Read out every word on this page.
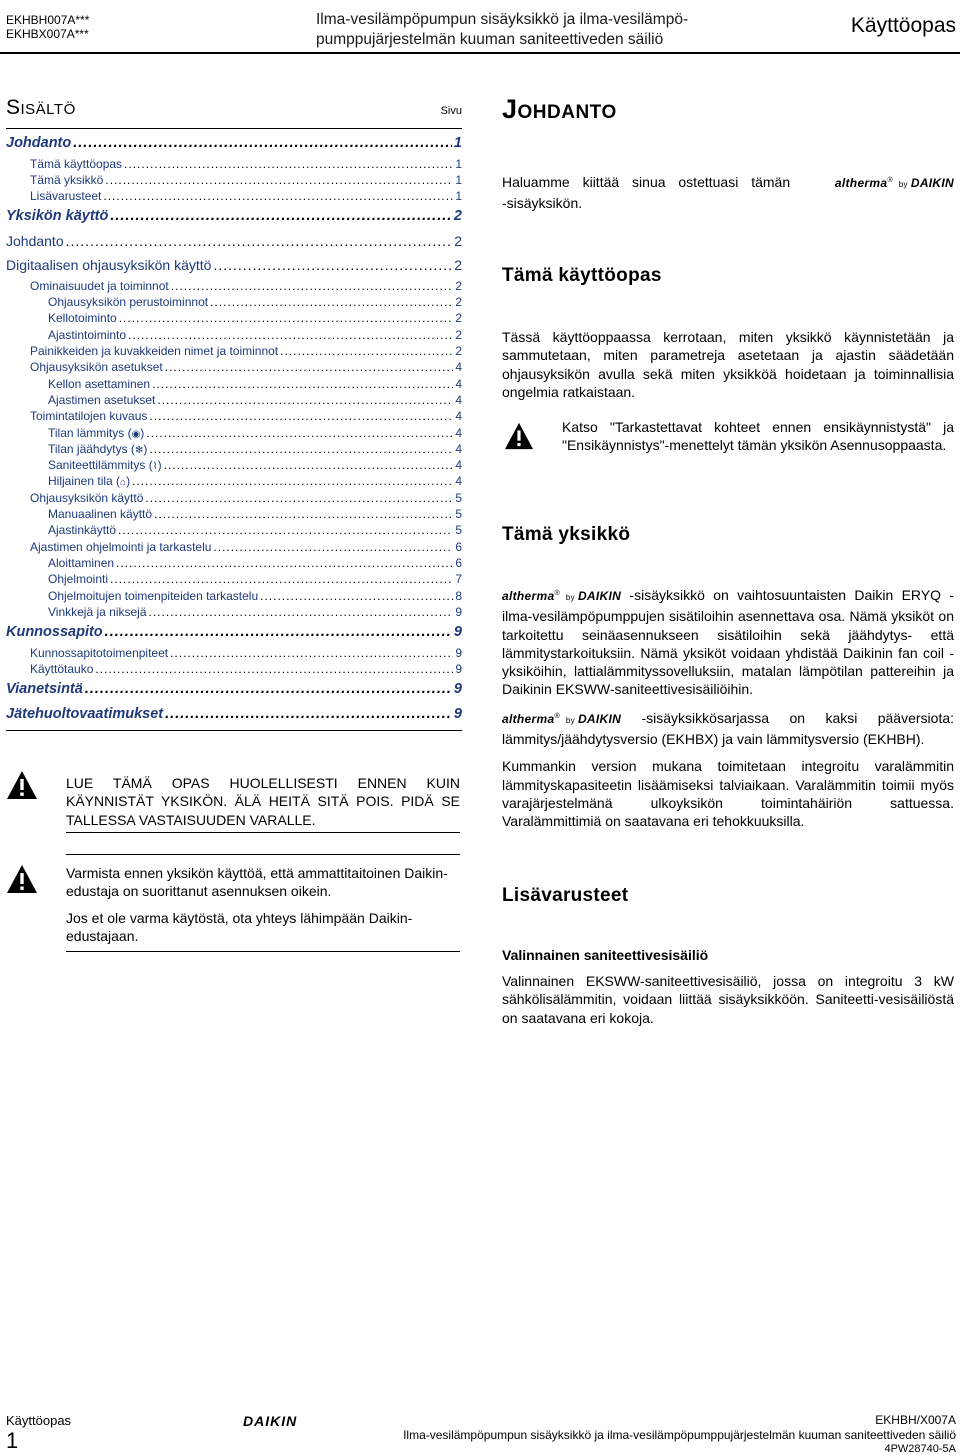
EKHBH007A***
EKHBX007A***
Ilma-vesilämpöpumpun sisäyksikkö ja ilma-vesilämpö-
pumppujärjestelmän kuuman saniteettiveden säiliö
Käyttöopas
Sisältö	Sivu
Johdanto .....	1
Tämä käyttöopas .....	1
Tämä yksikkö .....	1
Lisävarusteet .....	1
Yksikön käyttö .....	2
Johdanto .....	2
Digitaalisen ohjausyksikön käyttö .....	2
Ominaisuudet ja toiminnot .....	2
Ohjausyksikön perustoiminnot .....	2
Kellotoiminto .....	2
Ajastintoiminto .....	2
Painikkeiden ja kuvakkeiden nimet ja toiminnot .....	2
Ohjausyksikön asetukset .....	4
Kellon asettaminen .....	4
Ajastimen asetukset .....	4
Toimintatilojen kuvaus .....	4
Tilan lämmitys (◉) .....	4
Tilan jäähdytys (✻) .....	4
Saniteettilämmitys (⌇) .....	4
Hiljainen tila (⌂) .....	4
Ohjausyksikön käyttö .....	5
Manuaalinen käyttö .....	5
Ajastinkäyttö .....	5
Ajastimen ohjelmointi ja tarkastelu .....	6
Aloittaminen .....	6
Ohjelmointi .....	7
Ohjelmoitujen toimenpiteiden tarkastelu .....	8
Vinkkejä ja niksejä .....	9
Kunnossapito .....	9
Kunnossapitotoimenpiteet .....	9
Käyttötauko .....	9
Vianetsintä .....	9
Jätehuoltovaatimukset .....	9
LUE TÄMÄ OPAS HUOLELLISESTI ENNEN KUIN KÄYNNISTÄT YKSIKÖN. ÄLÄ HEITÄ SITÄ POIS. PIDÄ SE TALLESSA VASTAISUUDEN VARALLE.
Varmista ennen yksikön käyttöä, että ammattitaitoinen Daikin-edustaja on suorittanut asennuksen oikein.
Jos et ole varma käytöstä, ota yhteys lähimpään Daikin-edustajaan.
Johdanto
Haluamme kiittää sinua ostettuasi tämän	altherma® by DAIKIN
-sisäyksikön.
Tämä käyttöopas
Tässä käyttöoppaassa kerrotaan, miten yksikkö käynnistetään ja sammutetaan, miten parametreja asetetaan ja ajastin säädetään ohjausyksikön avulla sekä miten yksikköä hoidetaan ja toiminnallisia ongelmia ratkaistaan.
Katso "Tarkastettavat kohteet ennen ensikäynnistystä" ja "Ensikäynnistys"-menettelyt tämän yksikön Asennusoppaasta.
Tämä yksikkö
altherma® by DAIKIN -sisäyksikkö on vaihtosuuntaisten Daikin ERYQ -ilma-vesilämpöpumppujen sisätiloihin asennettava osa. Nämä yksiköt on tarkoitettu seinäasennukseen sisätiloihin sekä jäähdytys- että lämmitystarkoituksiin. Nämä yksiköt voidaan yhdistää Daikinin fan coil -yksiköihin, lattialämmityssovelluksiin, matalan lämpötilan pattereihin ja Daikinin EKSWW-saniteettivesisäiliöihin.
altherma® by DAIKIN -sisäyksikkösarjassa on kaksi pääversiota: lämmitys/jäähdytysversio (EKHBX) ja vain lämmitysversio (EKHBH).
Kummankin version mukana toimitetaan integroitu varalämmitin lämmityskapasiteetin lisäämiseksi talviaikaan. Varalämmitin toimii myös varajärjestelmänä ulkoyksikön toimintahäiriön sattuessa. Varalämmittimiä on saatavana eri tehokkuuksilla.
Lisävarusteet
Valinnainen saniteettivesisäiliö
Valinnainen EKSWW-saniteettivesisäiliö, jossa on integroitu 3 kW sähkölisälämmitin, voidaan liittää sisäyksikköön. Saniteetti-vesisäiliöstä on saatavana eri kokoja.
Käyttöopas
1
DAIKIN	EKHBH/X007A
Ilma-vesilämpöpumpun sisäyksikkö ja ilma-vesilämpöpumppujärjestelmän kuuman saniteettiveden säiliö
4PW28740-5A
